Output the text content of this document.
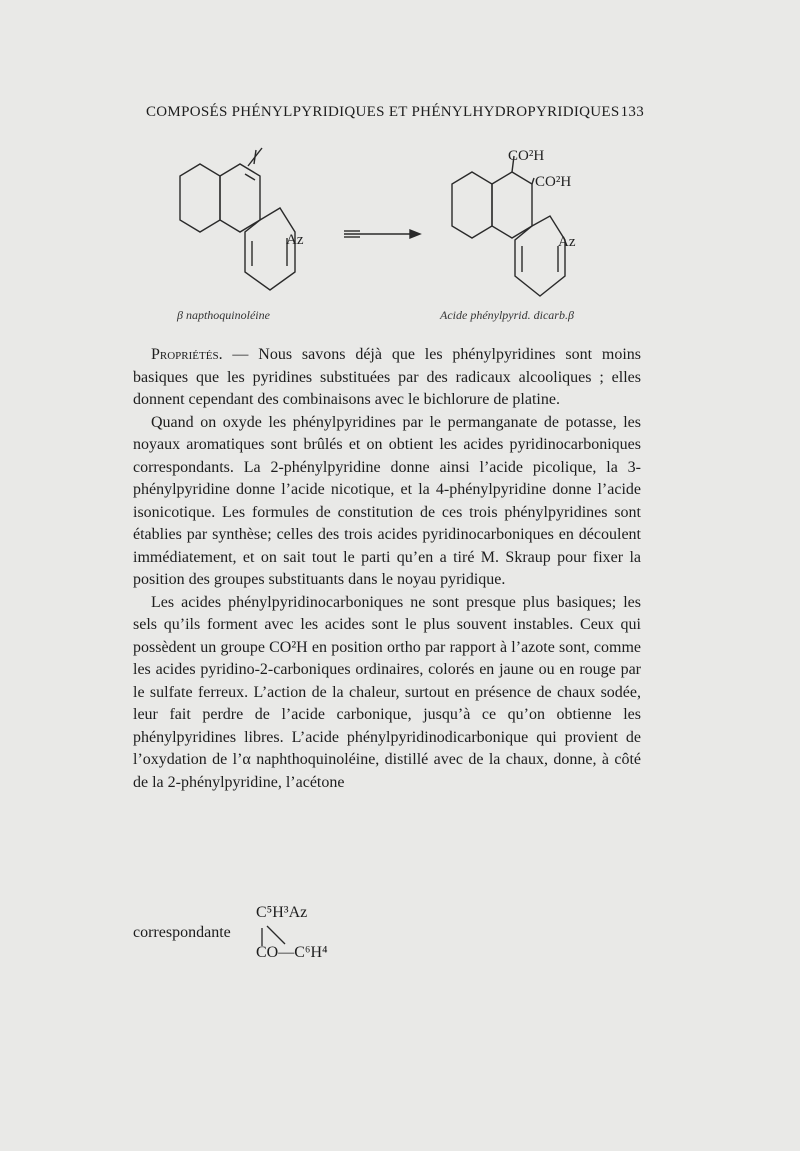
COMPOSÉS PHÉNYLPYRIDIQUES ET PHÉNYLHYDROPYRIDIQUES 133
Az	Az
CO²H
CO²H
β napthoquinoléine	Acide phénylpyrid. dicarb.β

Propriétés. — Nous savons déjà que les phénylpyridines sont moins basiques que les pyridines substituées par des radicaux alcooliques ; elles donnent cependant des combinaisons avec le bichlorure de platine.

Quand on oxyde les phénylpyridines par le permanganate de potasse, les noyaux aromatiques sont brûlés et on obtient les acides pyridinocarboniques correspondants. La 2-phénylpyridine donne ainsi l’acide picolique, la 3-phénylpyridine donne l’acide nicotique, et la 4-phénylpyridine donne l’acide isonicotique. Les formules de constitution de ces trois phénylpyridines sont établies par synthèse; celles des trois acides pyridinocarboniques en découlent immédiatement, et on sait tout le parti qu’en a tiré M. Skraup pour fixer la position des groupes substituants dans le noyau pyridique.

Les acides phénylpyridinocarboniques ne sont presque plus basiques; les sels qu’ils forment avec les acides sont le plus souvent instables. Ceux qui possèdent un groupe CO²H en position ortho par rapport à l’azote sont, comme les acides pyridino-2-carboniques ordinaires, colorés en jaune ou en rouge par le sulfate ferreux. L’action de la chaleur, surtout en présence de chaux sodée, leur fait perdre de l’acide carbonique, jusqu’à ce qu’on obtienne les phénylpyridines libres. L’acide phénylpyridinodicarbonique qui provient de l’oxydation de l’α naphthoquinoléine, distillé avec de la chaux, donne, à côté de la 2-phénylpyridine, l’acétone

C⁵H³Az
correspondante
CO—C⁶H⁴
